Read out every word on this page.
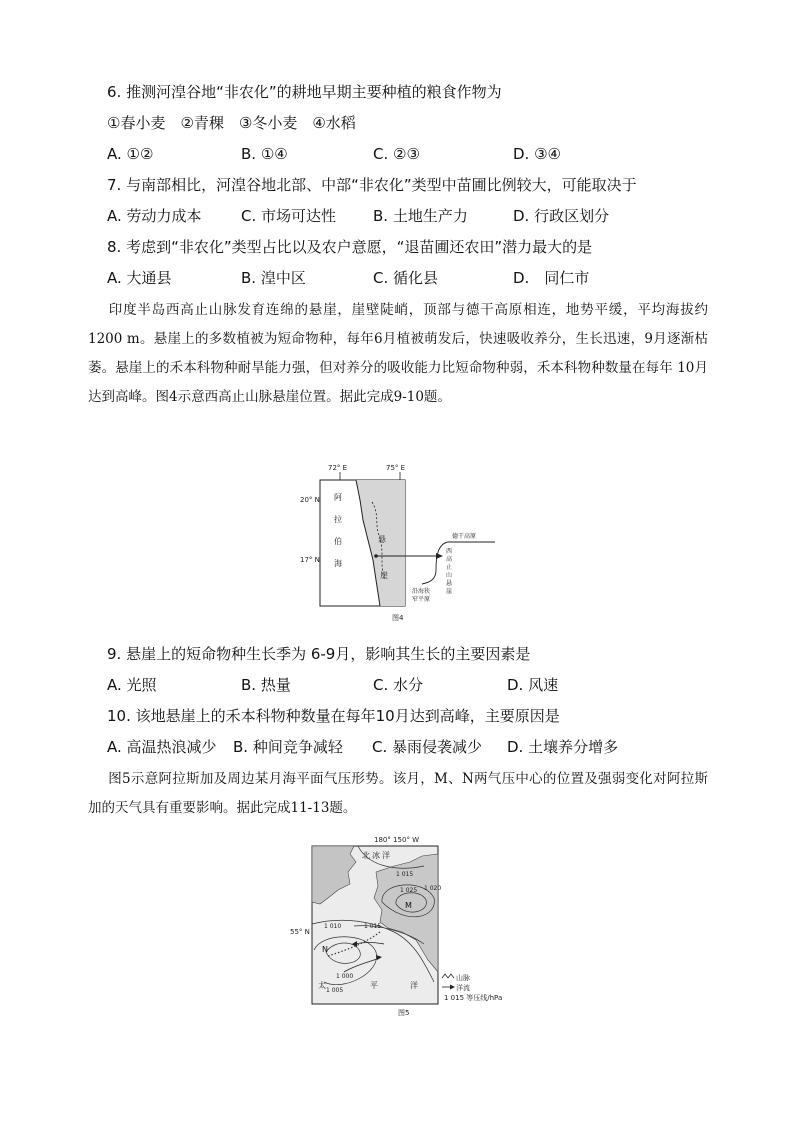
6. 推测河湟谷地“非农化”的耕地早期主要种植的粮食作物为
①春小麦　②青稞　③冬小麦　④水稻
A. ①②	B. ①④	C. ②③	D. ③④
7. 与南部相比，河湟谷地北部、中部“非农化”类型中苗圃比例较大，可能取决于
A. 劳动力成本	C. 市场可达性 B. 土地生产力	D. 行政区划分
8. 考虑到“非农化”类型占比以及农户意愿，“退苗圃还农田”潜力最大的是
A. 大通县	B. 湟中区	C. 循化县	D.　同仁市
印度半岛西高止山脉发育连绵的悬崖，崖壁陡峭，顶部与德干高原相连，地势平缓，平均海拔约1200 m。悬崖上的多数植被为短命物种，每年6月植被萌发后，快速吸收养分，生长迅速，9月逐渐枯萎。悬崖上的禾本科物种耐旱能力强，但对养分的吸收能力比短命物种弱，禾本科物种数量在每年 10月达到高峰。图4示意西高止山脉悬崖位置。据此完成9-10题。
72° E	75° E
20° N
17° N
阿
拉
伯
海
悬
崖
德干高原
西
高
止
山
悬
崖
沿海狭
窄平原
图4
9. 悬崖上的短命物种生长季为 6-9月，影响其生长的主要因素是
A. 光照	B. 热量	C. 水分	D. 风速
10. 该地悬崖上的禾本科物种数量在每年10月达到高峰，主要原因是
A. 高温热浪减少 B. 种间竞争减轻 C. 暴雨侵袭减少 D. 土壤养分增多
图5示意阿拉斯加及周边某月海平面气压形势。该月，M、N两气压中心的位置及强弱变化对阿拉斯加的天气具有重要影响。据此完成11-13题。
180° 150° W
55° N
北 冰 洋
1 015
1 025 1 020
M
1 010	1 015
N
1 000
1 005
太	平	洋
山脉
洋流
1 015 等压线/hPa
图5
